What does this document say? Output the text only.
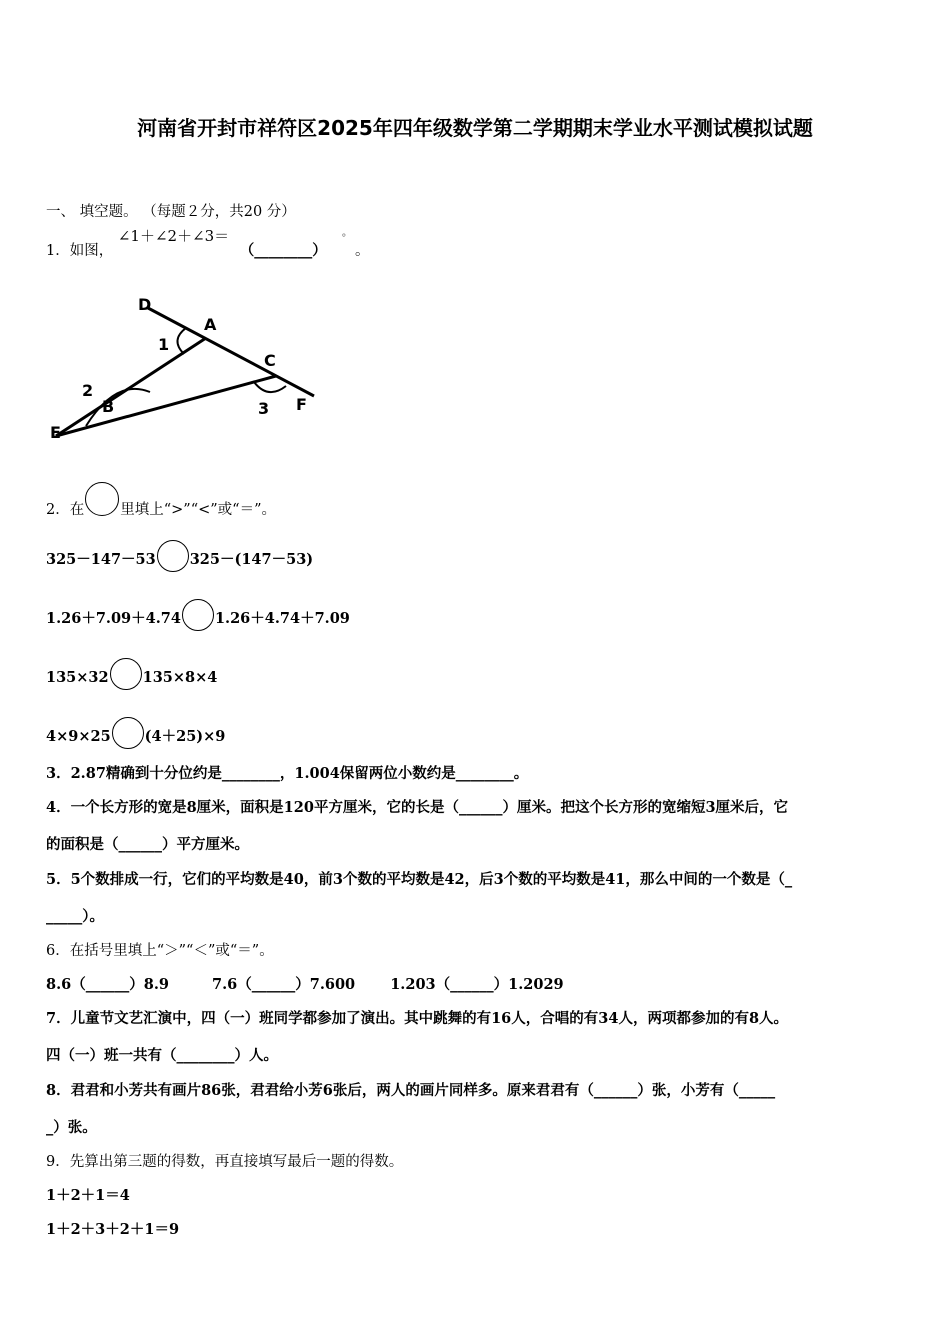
河南省开封市祥符区2025年四年级数学第二学期期末学业水平测试模拟试题
一、 填空题。 （每题２分，共20 分）
1．如图， ∠1＋∠2＋∠3＝ （________） ° 。
D
A
1
C
2
B	3 F
E
2．在 里填上“>”“<”或“＝”。
325－147－53 325－(147－53)
1.26＋7.09＋4.74 1.26＋4.74＋7.09
135×32 135×8×4
4×9×25 (4＋25)×9
3．2.87精确到十分位约是________，1.004保留两位小数约是________。
4．一个长方形的宽是8厘米，面积是120平方厘米，它的长是（______）厘米。把这个长方形的宽缩短3厘米后，它
的面积是（______）平方厘米。
5．5个数排成一行，它们的平均数是40，前3个数的平均数是42，后3个数的平均数是41，那么中间的一个数是（_
_____）。
6．在括号里填上“＞”“＜”或“＝”。
8.6（______）8.9	7.6（______）7.600 1.203（______）1.2029
7．儿童节文艺汇演中，四（一）班同学都参加了演出。其中跳舞的有16人，合唱的有34人，两项都参加的有8人。
四（一）班一共有（________）人。
8．君君和小芳共有画片86张，君君给小芳6张后，两人的画片同样多。原来君君有（______）张，小芳有（_____
_）张。
9．先算出第三题的得数，再直接填写最后一题的得数。
1＋2＋1＝4
1＋2＋3＋2＋1＝9
